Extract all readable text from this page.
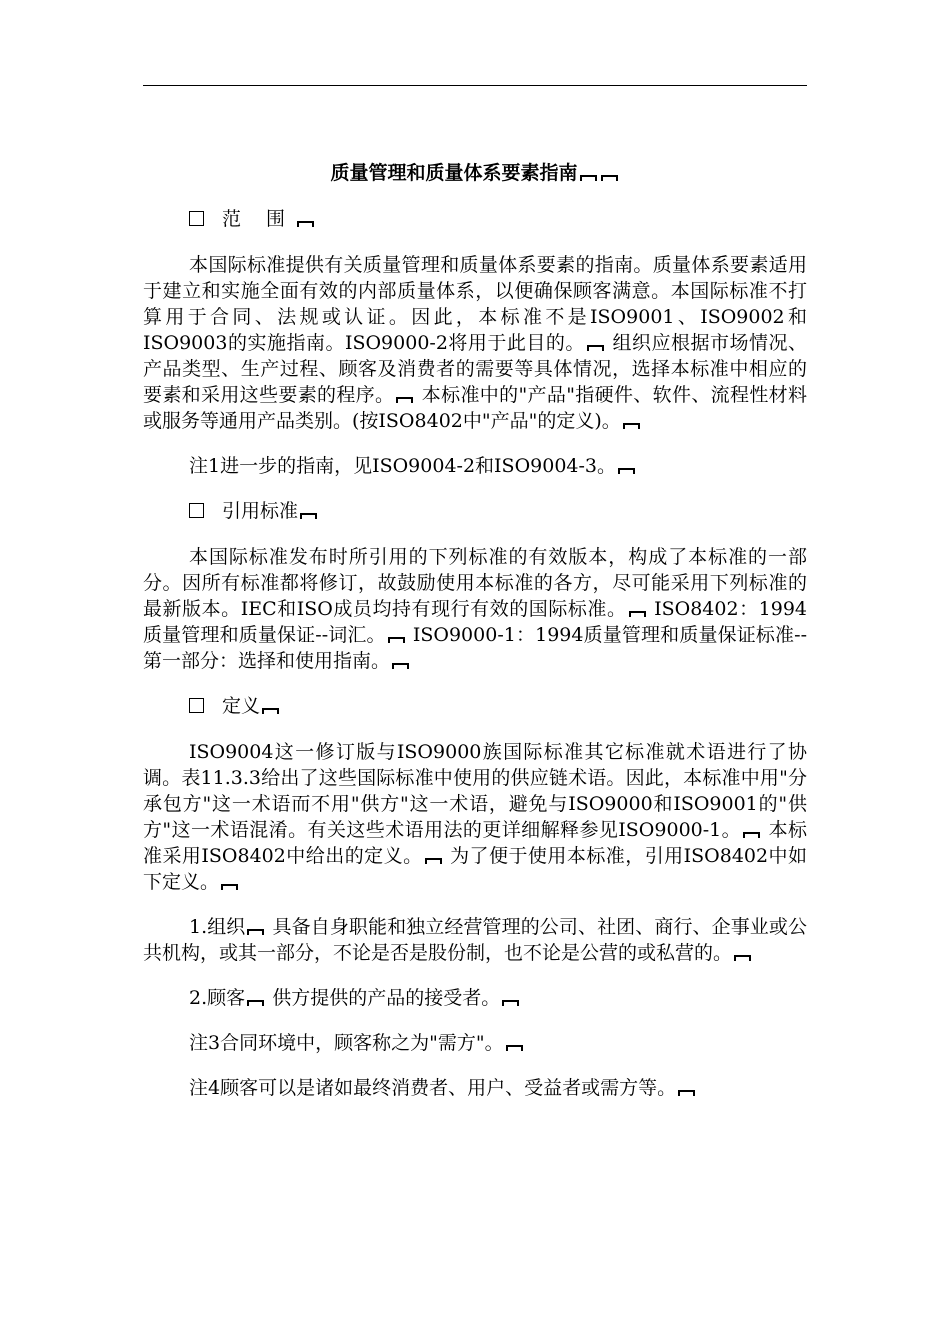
质量管理和质量体系要素指南
范 围

本国际标准提供有关质量管理和质量体系要素的指南。质量体系要素适用于建立和实施全面有效的内部质量体系，以便确保顾客满意。本国际标准不打算用于合同、法规或认证。因此，本标准不是ISO9001、ISO9002和ISO9003的实施指南。ISO9000-2将用于此目的。 组织应根据市场情况、产品类型、生产过程、顾客及消费者的需要等具体情况，选择本标准中相应的要素和采用这些要素的程序。 本标准中的"产品"指硬件、软件、流程性材料或服务等通用产品类别。(按ISO8402中"产品"的定义)。

注1进一步的指南，见ISO9004-2和ISO9004-3。

引用标准

本国际标准发布时所引用的下列标准的有效版本，构成了本标准的一部分。因所有标准都将修订，故鼓励使用本标准的各方，尽可能采用下列标准的最新版本。IEC和ISO成员均持有现行有效的国际标准。 ISO8402：1994质量管理和质量保证--词汇。 ISO9000-1：1994质量管理和质量保证标准--第一部分：选择和使用指南。

定义

ISO9004这一修订版与ISO9000族国际标准其它标准就术语进行了协调。表11.3.3给出了这些国际标准中使用的供应链术语。因此，本标准中用"分承包方"这一术语而不用"供方"这一术语，避免与ISO9000和ISO9001的"供方"这一术语混淆。有关这些术语用法的更详细解释参见ISO9000-1。 本标准采用ISO8402中给出的定义。 为了便于使用本标准，引用ISO8402中如下定义。

1.组织 具备自身职能和独立经营管理的公司、社团、商行、企事业或公共机构，或其一部分，不论是否是股份制，也不论是公营的或私营的。

2.顾客 供方提供的产品的接受者。

注3合同环境中，顾客称之为"需方"。

注4顾客可以是诸如最终消费者、用户、受益者或需方等。
